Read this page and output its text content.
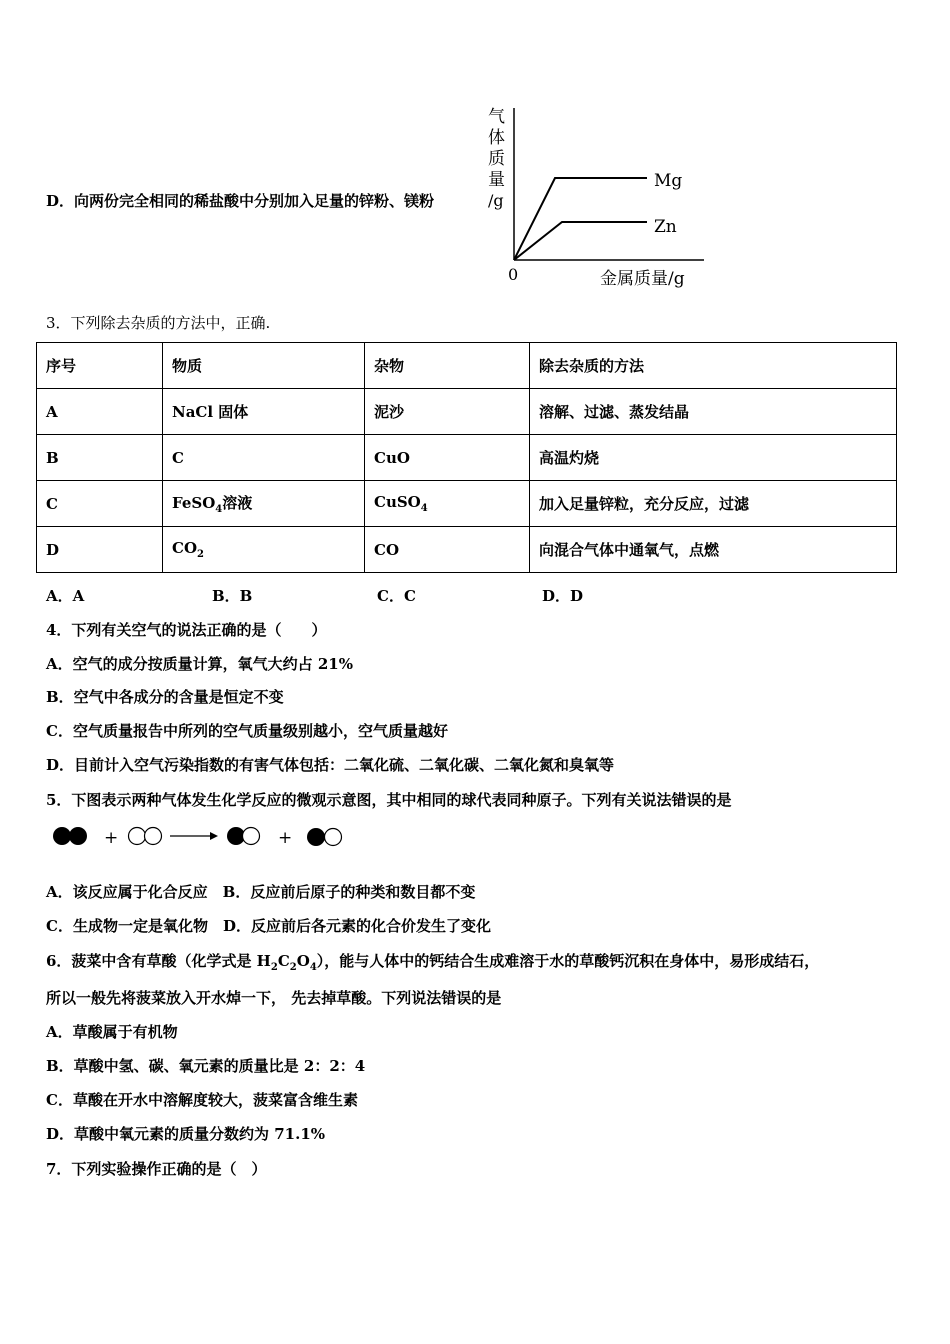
D．向两份完全相同的稀盐酸中分别加入足量的锌粉、镁粉
气
体
质
量
/g
0	金属质量/g
Mg
Zn
3．下列除去杂质的方法中，正确.
序号	物质	杂物	除去杂质的方法
A	NaCl 固体	泥沙	溶解、过滤、蒸发结晶
B	C	CuO	高温灼烧
C	FeSO$_4$溶液	CuSO$_4$	加入足量锌粒，充分反应，过滤
D	$CO_2$	CO	向混合气体中通氧气，点燃
A．A	B．B	C．C	D．D
4．下列有关空气的说法正确的是（　　）
A．空气的成分按质量计算，氧气大约占 21%
B．空气中各成分的含量是恒定不变
C．空气质量报告中所列的空气质量级别越小，空气质量越好
D．目前计入空气污染指数的有害气体包括：二氧化硫、二氧化碳、二氧化氮和臭氧等
5．下图表示两种气体发生化学反应的微观示意图，其中相同的球代表同种原子。下列有关说法错误的是
+	+
A．该反应属于化合反应　B．反应前后原子的种类和数目都不变
C．生成物一定是氧化物　D．反应前后各元素的化合价发生了变化
6．菠菜中含有草酸（化学式是 $H_2C_2O_4$），能与人体中的钙结合生成难溶于水的草酸钙沉积在身体中，易形成结石，
所以一般先将菠菜放入开水焯一下， 先去掉草酸。下列说法错误的是
A．草酸属于有机物
B．草酸中氢、碳、氧元素的质量比是 2：2：4
C．草酸在开水中溶解度较大，菠菜富含维生素
D．草酸中氧元素的质量分数约为 71.1%
7．下列实验操作正确的是（　）
